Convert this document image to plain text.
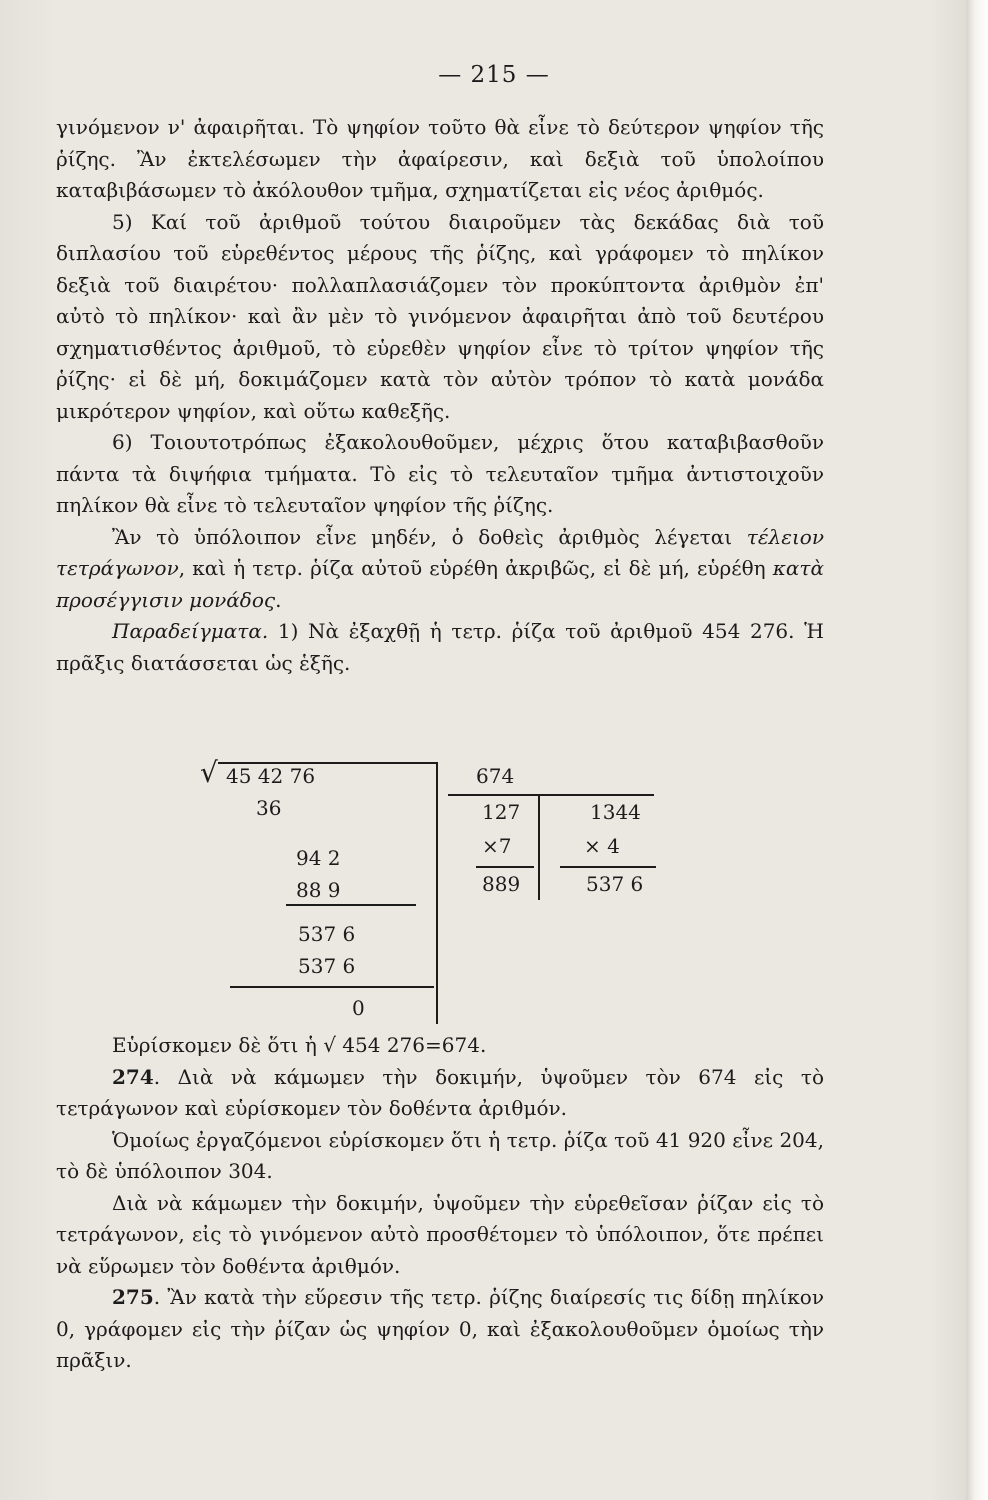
— 215 —

γινόμενον ν' ἀφαιρῆται. Τὸ ψηφίον τοῦτο θὰ εἶνε τὸ δεύτερον ψηφίον τῆς ῥίζης. Ἂν ἐκτελέσωμεν τὴν ἀφαίρεσιν, καὶ δεξιὰ τοῦ ὑπολοίπου καταβιβάσωμεν τὸ ἀκόλουθον τμῆμα, σχηματίζεται εἰς νέος ἀριθμός.

5) Καί τοῦ ἀριθμοῦ τούτου διαιροῦμεν τὰς δεκάδας διὰ τοῦ διπλασίου τοῦ εὑρεθέντος μέρους τῆς ῥίζης, καὶ γράφομεν τὸ πηλίκον δεξιὰ τοῦ διαιρέτου· πολλαπλασιάζομεν τὸν προκύπτοντα ἀριθμὸν ἐπ' αὐτὸ τὸ πηλίκον· καὶ ἂν μὲν τὸ γινόμενον ἀφαιρῆται ἀπὸ τοῦ δευτέρου σχηματισθέντος ἀριθμοῦ, τὸ εὑρεθὲν ψηφίον εἶνε τὸ τρίτον ψηφίον τῆς ῥίζης· εἰ δὲ μή, δοκιμάζομεν κατὰ τὸν αὐτὸν τρόπον τὸ κατὰ μονάδα μικρότερον ψηφίον, καὶ οὕτω καθεξῆς.

6) Τοιουτοτρόπως ἐξακολουθοῦμεν, μέχρις ὅτου καταβιβασθοῦν πάντα τὰ διψήφια τμήματα. Τὸ εἰς τὸ τελευταῖον τμῆμα ἀντιστοιχοῦν πηλίκον θὰ εἶνε τὸ τελευταῖον ψηφίον τῆς ῥίζης.

Ἂν τὸ ὑπόλοιπον εἶνε μηδέν, ὁ δοθεὶς ἀριθμὸς λέγεται τέλειον τετράγωνον, καὶ ἡ τετρ. ῥίζα αὐτοῦ εὑρέθη ἀκριβῶς, εἰ δὲ μή, εὑρέθη κατὰ προσέγγισιν μονάδος.

Παραδείγματα. 1) Νὰ ἐξαχθῇ ἡ τετρ. ῥίζα τοῦ ἀριθμοῦ 454 276. Ἡ πρᾶξις διατάσσεται ὡς ἑξῆς.

√ 45 42 76	674
36
94 2
88 9
537 6
537 6
0
127
×7
889
1344
× 4
537 6

Εὑρίσκομεν δὲ ὅτι ἡ √ 454 276=674.

274. Διὰ νὰ κάμωμεν τὴν δοκιμήν, ὑψοῦμεν τὸν 674 εἰς τὸ τετράγωνον καὶ εὑρίσκομεν τὸν δοθέντα ἀριθμόν.

Ὁμοίως ἐργαζόμενοι εὑρίσκομεν ὅτι ἡ τετρ. ῥίζα τοῦ 41 920 εἶνε 204, τὸ δὲ ὑπόλοιπον 304.

Διὰ νὰ κάμωμεν τὴν δοκιμήν, ὑψοῦμεν τὴν εὑρεθεῖσαν ῥίζαν εἰς τὸ τετράγωνον, εἰς τὸ γινόμενον αὐτὸ προσθέτομεν τὸ ὑπόλοιπον, ὅτε πρέπει νὰ εὕρωμεν τὸν δοθέντα ἀριθμόν.

275. Ἂν κατὰ τὴν εὕρεσιν τῆς τετρ. ῥίζης διαίρεσίς τις δίδῃ πηλίκον 0, γράφομεν εἰς τὴν ῥίζαν ὡς ψηφίον 0, καὶ ἐξακολουθοῦμεν ὁμοίως τὴν πρᾶξιν.
